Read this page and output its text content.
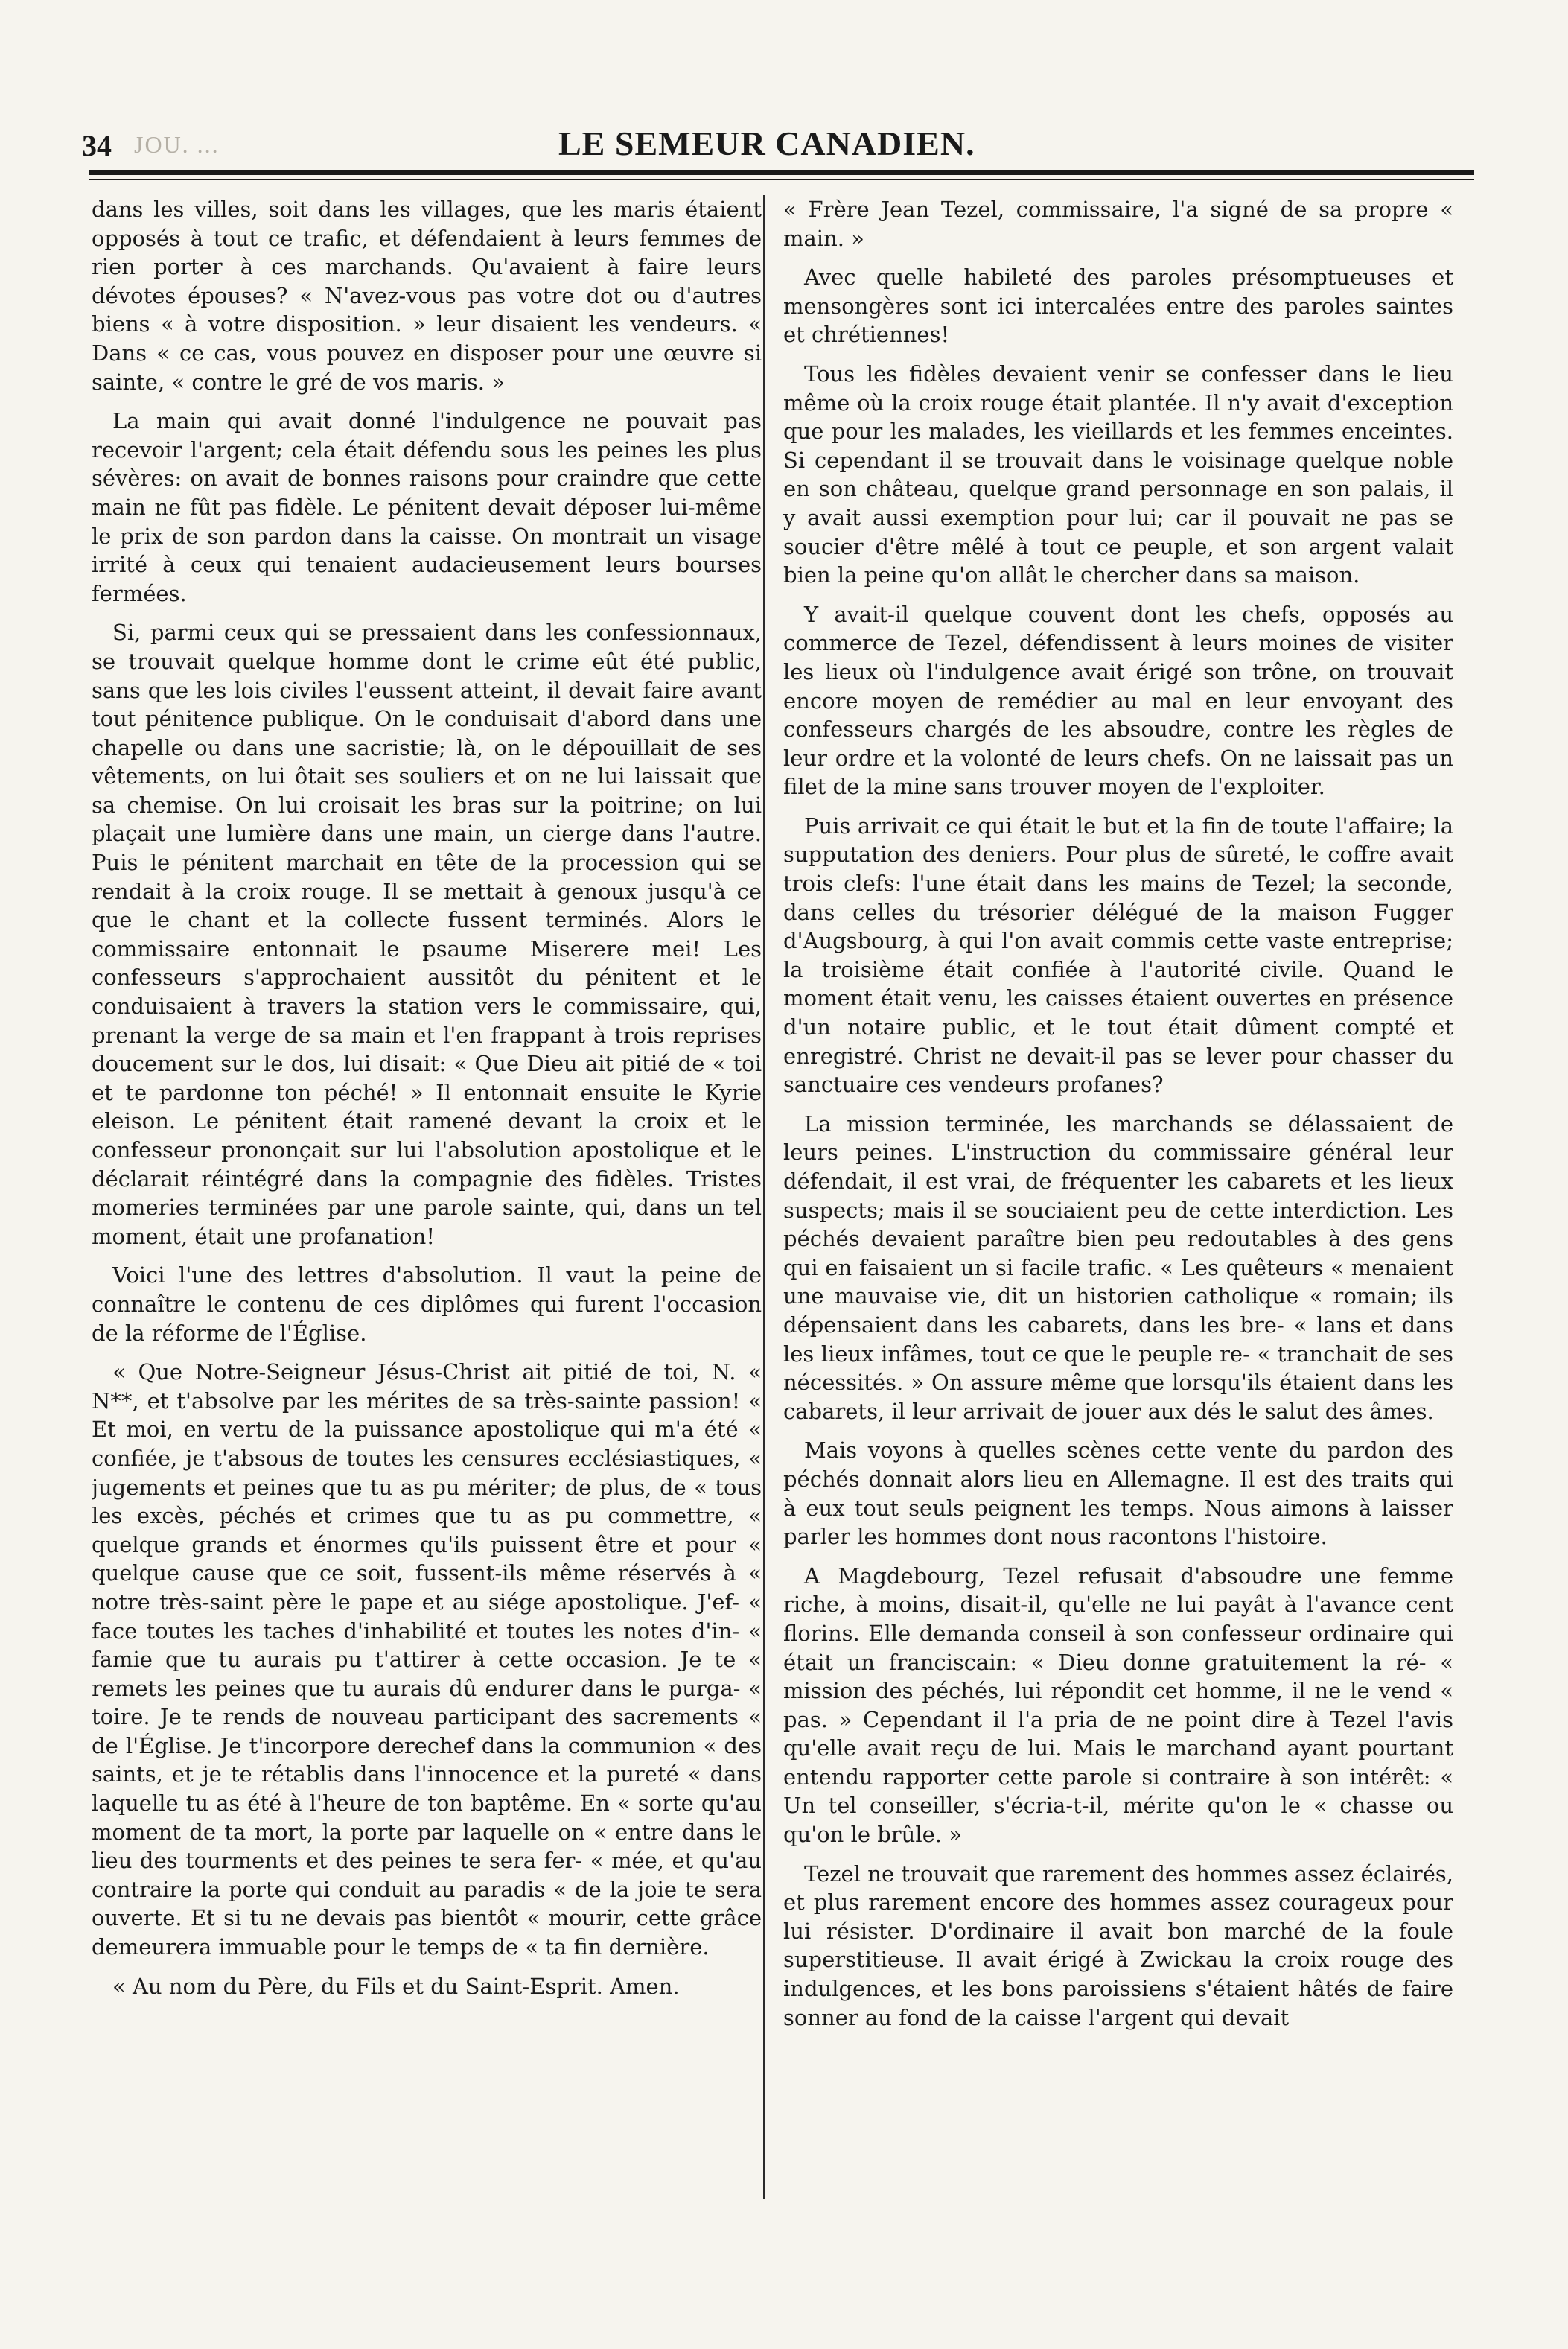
34 JOU. ...	LE SEMEUR CANADIEN.

dans les villes, soit dans les villages, que les maris étaient opposés à tout ce trafic, et défendaient à leurs femmes de rien porter à ces marchands. Qu'avaient à faire leurs dévotes épouses? « N'avez-vous pas votre dot ou d'autres biens « à votre disposition. » leur disaient les vendeurs. « Dans « ce cas, vous pouvez en disposer pour une œuvre si sainte, « contre le gré de vos maris. »

La main qui avait donné l'indulgence ne pouvait pas recevoir l'argent; cela était défendu sous les peines les plus sévères: on avait de bonnes raisons pour craindre que cette main ne fût pas fidèle. Le pénitent devait déposer lui-même le prix de son pardon dans la caisse. On montrait un visage irrité à ceux qui tenaient audacieusement leurs bourses fermées.

Si, parmi ceux qui se pressaient dans les confessionnaux, se trouvait quelque homme dont le crime eût été public, sans que les lois civiles l'eussent atteint, il devait faire avant tout pénitence publique. On le conduisait d'abord dans une chapelle ou dans une sacristie; là, on le dépouillait de ses vêtements, on lui ôtait ses souliers et on ne lui laissait que sa chemise. On lui croisait les bras sur la poitrine; on lui plaçait une lumière dans une main, un cierge dans l'autre. Puis le pénitent marchait en tête de la procession qui se rendait à la croix rouge. Il se mettait à genoux jusqu'à ce que le chant et la collecte fussent terminés. Alors le commissaire entonnait le psaume Miserere mei! Les confesseurs s'approchaient aussitôt du pénitent et le conduisaient à travers la station vers le commissaire, qui, prenant la verge de sa main et l'en frappant à trois reprises doucement sur le dos, lui disait: « Que Dieu ait pitié de « toi et te pardonne ton péché! » Il entonnait ensuite le Kyrie eleison. Le pénitent était ramené devant la croix et le confesseur prononçait sur lui l'absolution apostolique et le déclarait réintégré dans la compagnie des fidèles. Tristes momeries terminées par une parole sainte, qui, dans un tel moment, était une profanation!

Voici l'une des lettres d'absolution. Il vaut la peine de connaître le contenu de ces diplômes qui furent l'occasion de la réforme de l'Église.

« Que Notre-Seigneur Jésus-Christ ait pitié de toi, N. « N**, et t'absolve par les mérites de sa très-sainte passion! « Et moi, en vertu de la puissance apostolique qui m'a été « confiée, je t'absous de toutes les censures ecclésiastiques, « jugements et peines que tu as pu mériter; de plus, de « tous les excès, péchés et crimes que tu as pu commettre, « quelque grands et énormes qu'ils puissent être et pour « quelque cause que ce soit, fussent-ils même réservés à « notre très-saint père le pape et au siége apostolique. J'ef- « face toutes les taches d'inhabilité et toutes les notes d'in- « famie que tu aurais pu t'attirer à cette occasion. Je te « remets les peines que tu aurais dû endurer dans le purga- « toire. Je te rends de nouveau participant des sacrements « de l'Église. Je t'incorpore derechef dans la communion « des saints, et je te rétablis dans l'innocence et la pureté « dans laquelle tu as été à l'heure de ton baptême. En « sorte qu'au moment de ta mort, la porte par laquelle on « entre dans le lieu des tourments et des peines te sera fer- « mée, et qu'au contraire la porte qui conduit au paradis « de la joie te sera ouverte. Et si tu ne devais pas bientôt « mourir, cette grâce demeurera immuable pour le temps de « ta fin dernière.

« Au nom du Père, du Fils et du Saint-Esprit. Amen.

« Frère Jean Tezel, commissaire, l'a signé de sa propre « main. »

Avec quelle habileté des paroles présomptueuses et mensongères sont ici intercalées entre des paroles saintes et chrétiennes!

Tous les fidèles devaient venir se confesser dans le lieu même où la croix rouge était plantée. Il n'y avait d'exception que pour les malades, les vieillards et les femmes enceintes. Si cependant il se trouvait dans le voisinage quelque noble en son château, quelque grand personnage en son palais, il y avait aussi exemption pour lui; car il pouvait ne pas se soucier d'être mêlé à tout ce peuple, et son argent valait bien la peine qu'on allât le chercher dans sa maison.

Y avait-il quelque couvent dont les chefs, opposés au commerce de Tezel, défendissent à leurs moines de visiter les lieux où l'indulgence avait érigé son trône, on trouvait encore moyen de remédier au mal en leur envoyant des confesseurs chargés de les absoudre, contre les règles de leur ordre et la volonté de leurs chefs. On ne laissait pas un filet de la mine sans trouver moyen de l'exploiter.

Puis arrivait ce qui était le but et la fin de toute l'affaire; la supputation des deniers. Pour plus de sûreté, le coffre avait trois clefs: l'une était dans les mains de Tezel; la seconde, dans celles du trésorier délégué de la maison Fugger d'Augsbourg, à qui l'on avait commis cette vaste entreprise; la troisième était confiée à l'autorité civile. Quand le moment était venu, les caisses étaient ouvertes en présence d'un notaire public, et le tout était dûment compté et enregistré. Christ ne devait-il pas se lever pour chasser du sanctuaire ces vendeurs profanes?

La mission terminée, les marchands se délassaient de leurs peines. L'instruction du commissaire général leur défendait, il est vrai, de fréquenter les cabarets et les lieux suspects; mais il se souciaient peu de cette interdiction. Les péchés devaient paraître bien peu redoutables à des gens qui en faisaient un si facile trafic. « Les quêteurs « menaient une mauvaise vie, dit un historien catholique « romain; ils dépensaient dans les cabarets, dans les bre- « lans et dans les lieux infâmes, tout ce que le peuple re- « tranchait de ses nécessités. » On assure même que lorsqu'ils étaient dans les cabarets, il leur arrivait de jouer aux dés le salut des âmes.

Mais voyons à quelles scènes cette vente du pardon des péchés donnait alors lieu en Allemagne. Il est des traits qui à eux tout seuls peignent les temps. Nous aimons à laisser parler les hommes dont nous racontons l'histoire.

A Magdebourg, Tezel refusait d'absoudre une femme riche, à moins, disait-il, qu'elle ne lui payât à l'avance cent florins. Elle demanda conseil à son confesseur ordinaire qui était un franciscain: « Dieu donne gratuitement la ré- « mission des péchés, lui répondit cet homme, il ne le vend « pas. » Cependant il l'a pria de ne point dire à Tezel l'avis qu'elle avait reçu de lui. Mais le marchand ayant pourtant entendu rapporter cette parole si contraire à son intérêt: « Un tel conseiller, s'écria-t-il, mérite qu'on le « chasse ou qu'on le brûle. »

Tezel ne trouvait que rarement des hommes assez éclairés, et plus rarement encore des hommes assez courageux pour lui résister. D'ordinaire il avait bon marché de la foule superstitieuse. Il avait érigé à Zwickau la croix rouge des indulgences, et les bons paroissiens s'étaient hâtés de faire sonner au fond de la caisse l'argent qui devait
